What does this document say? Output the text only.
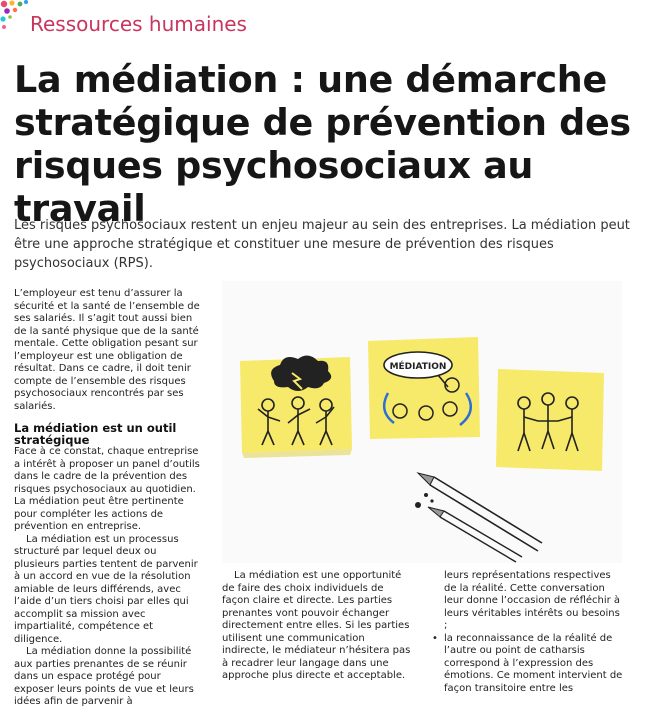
Ressources humaines
La médiation : une démarche stratégique de prévention des risques psychosociaux au travail

Les risques psychosociaux restent un enjeu majeur au sein des entreprises. La médiation peut être une approche stratégique et constituer une mesure de prévention des risques psychosociaux (RPS).

L’employeur est tenu d’assurer la sécurité et la santé de l’ensemble de ses salariés. Il s’agit tout aussi bien de la santé physique que de la santé mentale. Cette obligation pesant sur l’employeur est une obligation de résultat. Dans ce cadre, il doit tenir compte de l’ensemble des risques psychosociaux rencontrés par ses salariés.

La médiation est un outil stratégique

Face à ce constat, chaque entreprise a intérêt à proposer un panel d’outils dans le cadre de la prévention des risques psychosociaux au quotidien. La médiation peut être pertinente pour compléter les actions de prévention en entreprise.

La médiation est un processus structuré par lequel deux ou plusieurs parties tentent de parvenir à un accord en vue de la résolution amiable de leurs différends, avec l’aide d’un tiers choisi par elles qui accomplit sa mission avec impartialité, compétence et diligence.

La médiation donne la possibilité aux parties prenantes de se réunir dans un espace protégé pour exposer leurs points de vue et leurs idées afin de parvenir à

MÉDIATION

La médiation est une opportunité de faire des choix individuels de façon claire et directe. Les parties prenantes vont pouvoir échanger directement entre elles. Si les parties utilisent une communication indirecte, le médiateur n’hésitera pas à recadrer leur langage dans une approche plus directe et acceptable.

leurs représentations respectives de la réalité. Cette conversation leur donne l’occasion de réfléchir à leurs véritables intérêts ou besoins ;

• la reconnaissance de la réalité de l’autre ou point de catharsis correspond à l’expression des émotions. Ce moment intervient de façon transitoire entre les
